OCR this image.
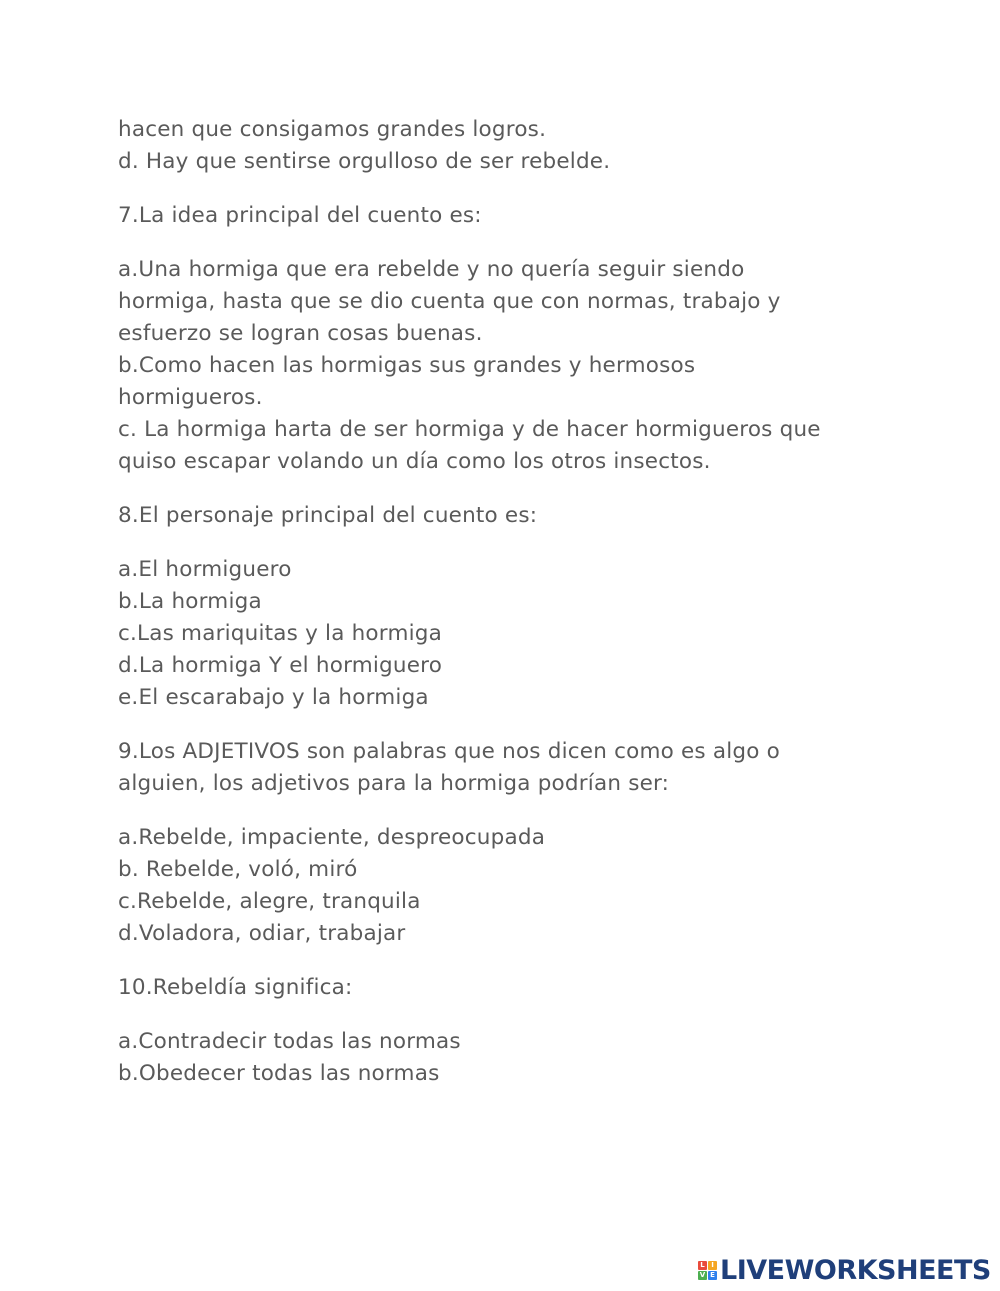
hacen que consigamos grandes logros.
d. Hay que sentirse orgulloso de ser rebelde.
7.La idea principal del cuento es:
a.Una hormiga que era rebelde y no quería seguir siendo
hormiga, hasta que se dio cuenta que con normas, trabajo y
esfuerzo se logran cosas buenas.
b.Como hacen las hormigas sus grandes y hermosos
hormigueros.
c. La hormiga harta de ser hormiga y de hacer hormigueros que
quiso escapar volando un día como los otros insectos.
8.El personaje principal del cuento es:
a.El hormiguero
b.La hormiga
c.Las mariquitas y la hormiga
d.La hormiga Y el hormiguero
e.El escarabajo y la hormiga
9.Los ADJETIVOS son palabras que nos dicen como es algo o
alguien, los adjetivos para la hormiga podrían ser:
a.Rebelde, impaciente, despreocupada
b. Rebelde, voló, miró
c.Rebelde, alegre, tranquila
d.Voladora, odiar, trabajar
10.Rebeldía significa:
a.Contradecir todas las normas
b.Obedecer todas las normas
L I
V E LIVEWORKSHEETS
